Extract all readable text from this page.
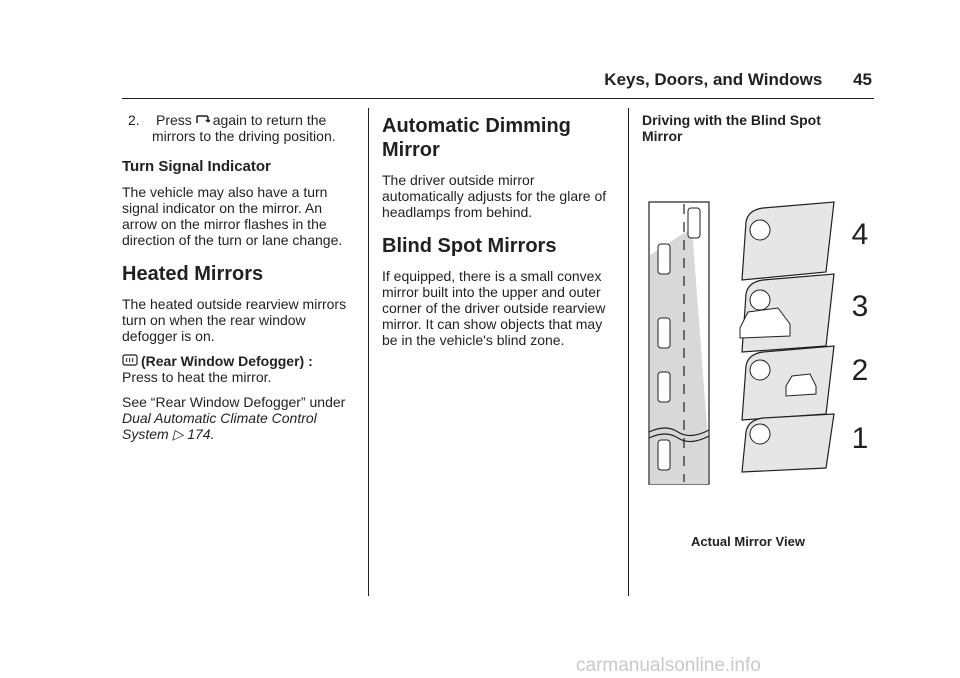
Keys, Doors, and Windows 45
2. Press again to return the
mirrors to the driving position.
Turn Signal Indicator

The vehicle may also have a turn signal indicator on the mirror. An arrow on the mirror flashes in the direction of the turn or lane change.

Heated Mirrors

The heated outside rearview mirrors turn on when the rear window defogger is on.

(Rear Window Defogger) :
Press to heat the mirror.

See “Rear Window Defogger” under
Dual Automatic Climate Control System ▷ 174.

Automatic Dimming Mirror

The driver outside mirror automatically adjusts for the glare of headlamps from behind.

Blind Spot Mirrors

If equipped, there is a small convex mirror built into the upper and outer corner of the driver outside rearview mirror. It can show objects that may be in the vehicle's blind zone.

Driving with the Blind Spot Mirror
4
3
2
1
Actual Mirror View
carmanualsonline.info
